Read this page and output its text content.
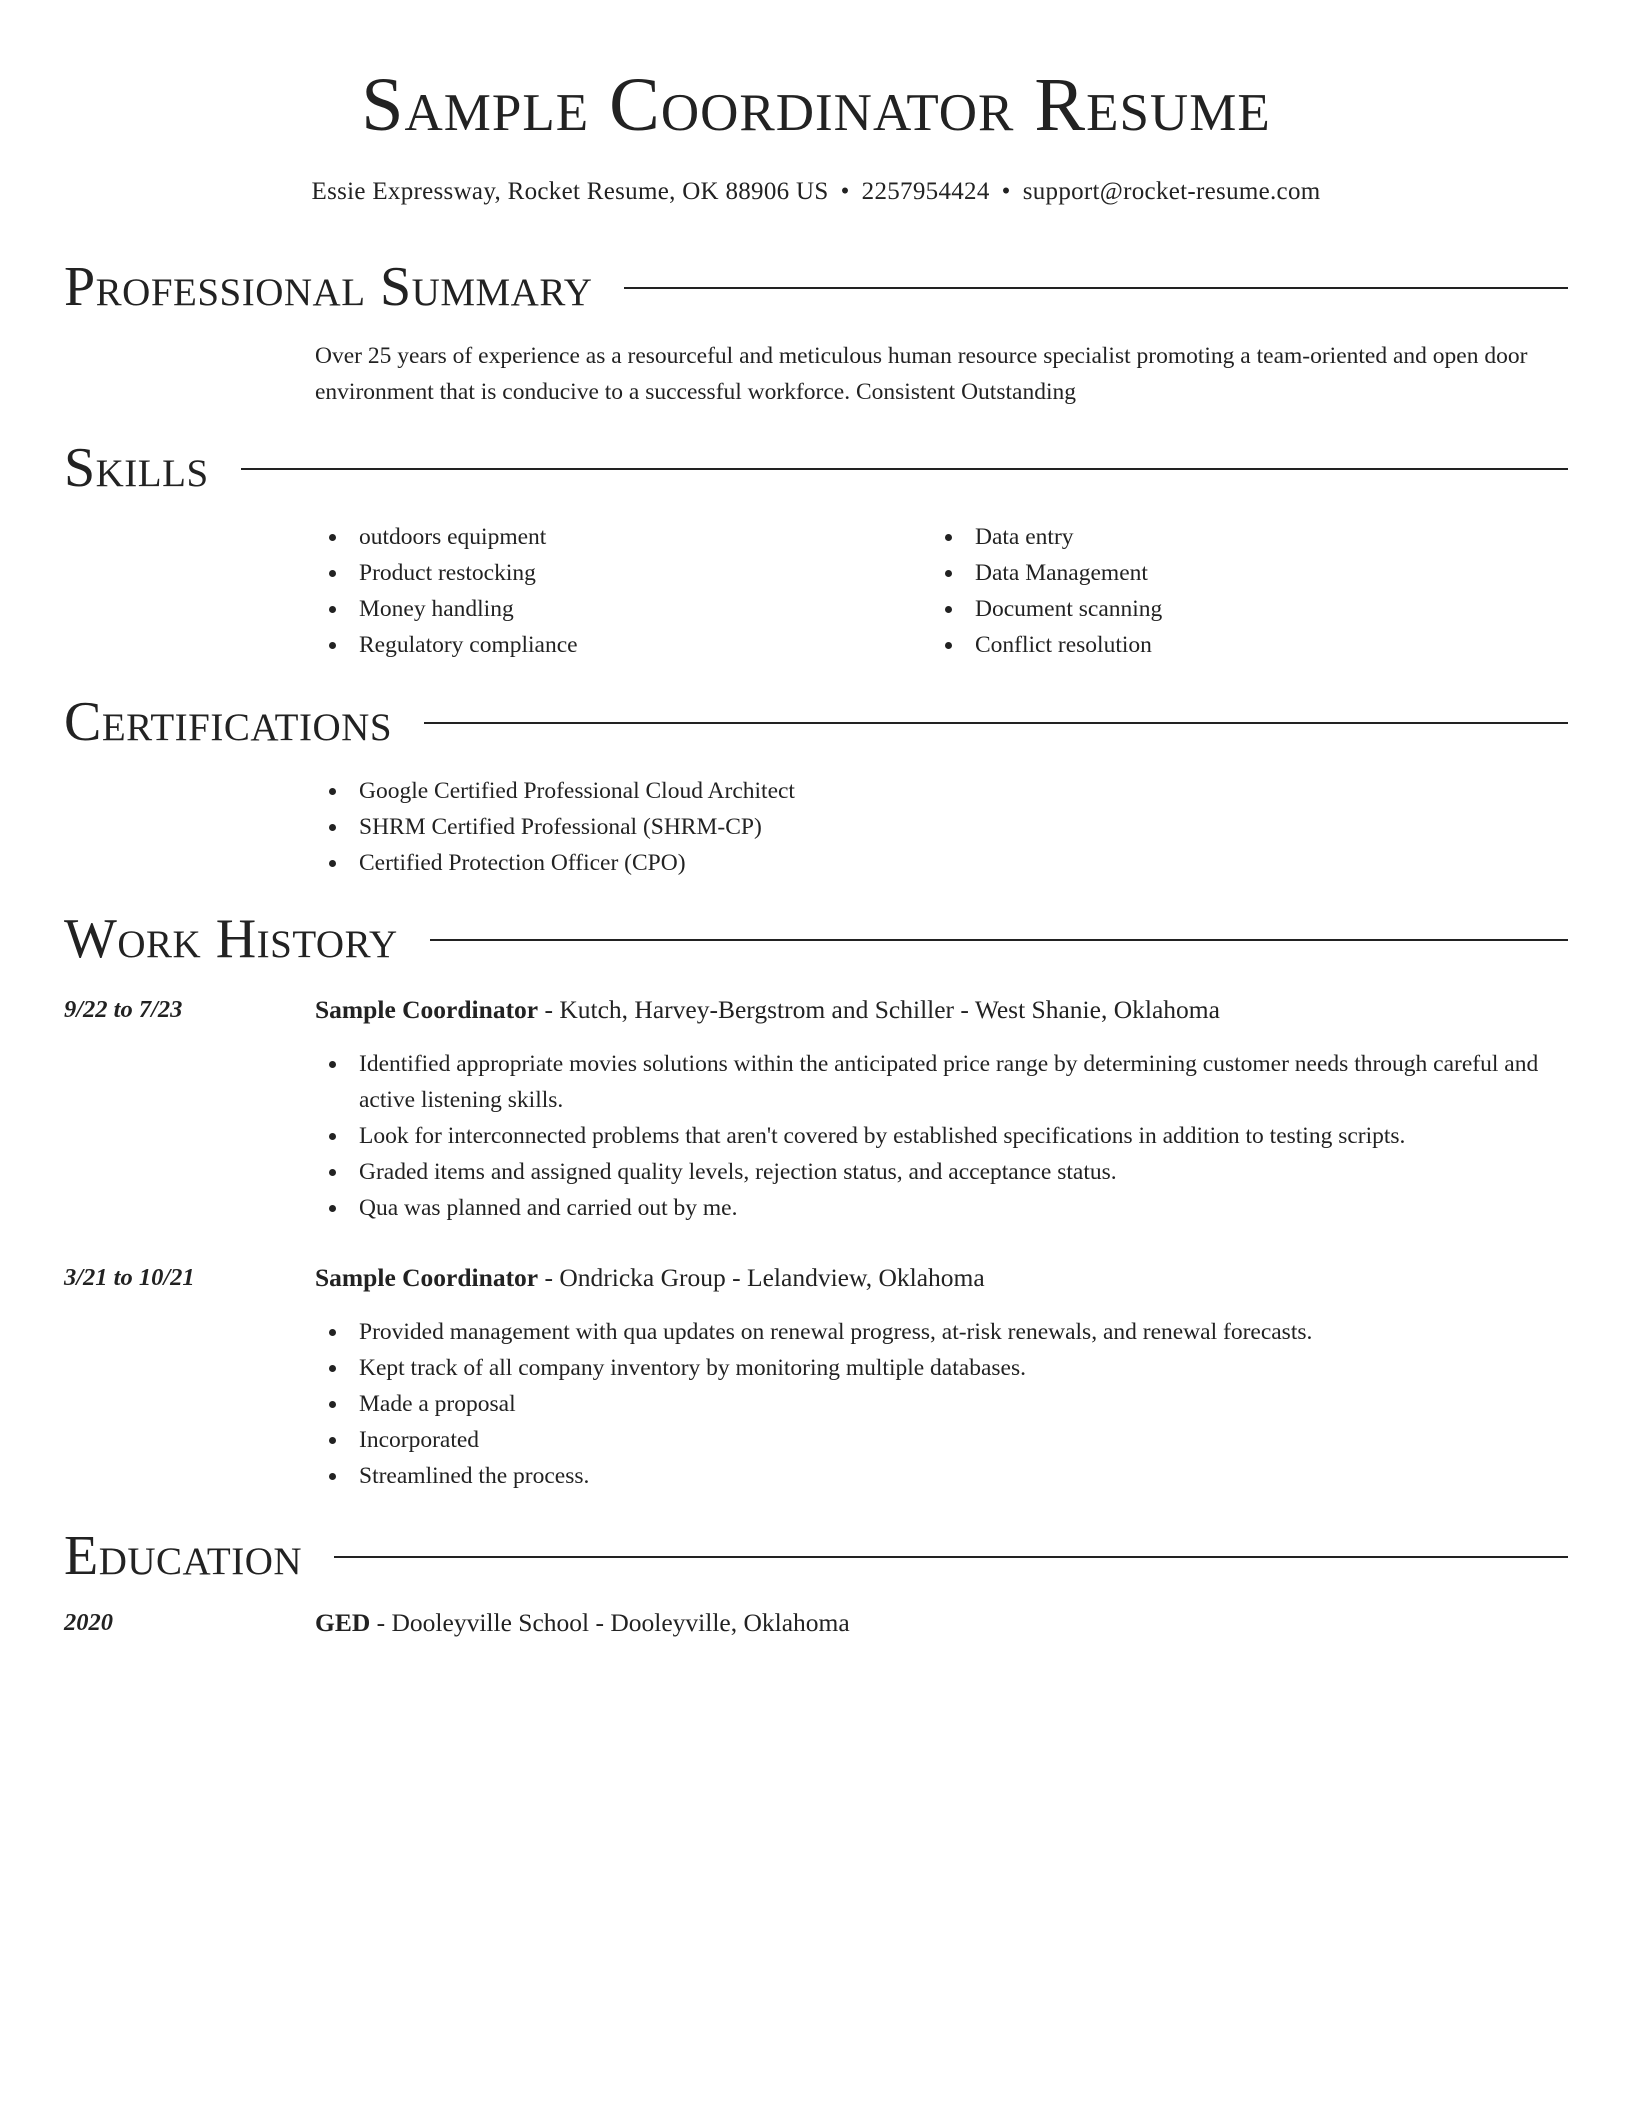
Sample Coordinator Resume
Essie Expressway, Rocket Resume, OK 88906 US • 2257954424 • support@rocket-resume.com
Professional Summary
Over 25 years of experience as a resourceful and meticulous human resource specialist promoting a team-oriented and open door environment that is conducive to a successful workforce. Consistent Outstanding
Skills
outdoors equipment
Product restocking
Money handling
Regulatory compliance
Data entry
Data Management
Document scanning
Conflict resolution
Certifications
Google Certified Professional Cloud Architect
SHRM Certified Professional (SHRM-CP)
Certified Protection Officer (CPO)
Work History
9/22 to 7/23	Sample Coordinator - Kutch, Harvey-Bergstrom and Schiller - West Shanie, Oklahoma
Identified appropriate movies solutions within the anticipated price range by determining customer needs through careful and active listening skills.
Look for interconnected problems that aren't covered by established specifications in addition to testing scripts.
Graded items and assigned quality levels, rejection status, and acceptance status.
Qua was planned and carried out by me.
3/21 to 10/21	Sample Coordinator - Ondricka Group - Lelandview, Oklahoma
Provided management with qua updates on renewal progress, at-risk renewals, and renewal forecasts.
Kept track of all company inventory by monitoring multiple databases.
Made a proposal
Incorporated
Streamlined the process.
Education
2020	GED - Dooleyville School - Dooleyville, Oklahoma
